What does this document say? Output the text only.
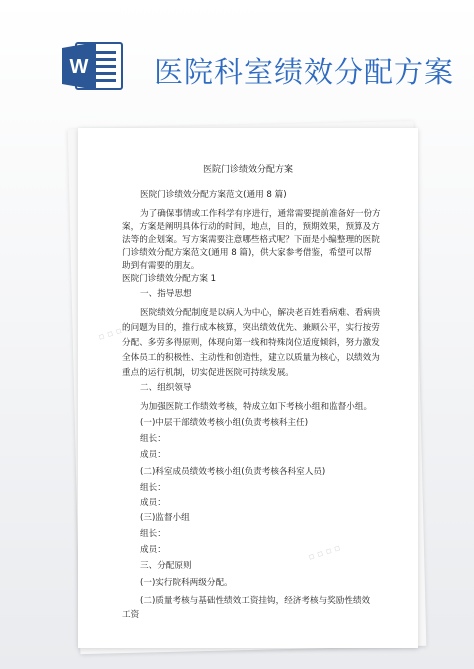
W 医院科室绩效分配方案
▫ ▫ ▫ ▫
▫ ▫ ▫ ▫
医院门诊绩效分配方案
医院门诊绩效分配方案范文(通用 8 篇)
为了确保事情或工作科学有序进行，通常需要提前准备好一份方
案，方案是阐明具体行动的时间，地点，目的，预期效果，预算及方
法等的企划案。写方案需要注意哪些格式呢？下面是小编整理的医院
门诊绩效分配方案范文(通用 8 篇)，供大家参考借鉴，希望可以帮
助到有需要的朋友。
医院门诊绩效分配方案 1
一、指导思想
医院绩效分配制度是以病人为中心，解决老百姓看病难、看病贵
的问题为目的，推行成本核算，突出绩效优先、兼顾公平，实行按劳
分配、多劳多得原则，体现向第一线和特殊岗位适度倾斜，努力激发
全体员工的积极性、主动性和创造性，建立以质量为核心，以绩效为
重点的运行机制，切实促进医院可持续发展。
二、组织领导
为加强医院工作绩效考核，特成立如下考核小组和监督小组。
(一)中层干部绩效考核小组(负责考核科主任)
组长：
成员：
(二)科室成员绩效考核小组(负责考核各科室人员)
组长：
成员：
(三)监督小组
组长：
成员：
三、分配原则
(一)实行院科两级分配。
(二)质量考核与基础性绩效工资挂钩，经济考核与奖励性绩效
工资
